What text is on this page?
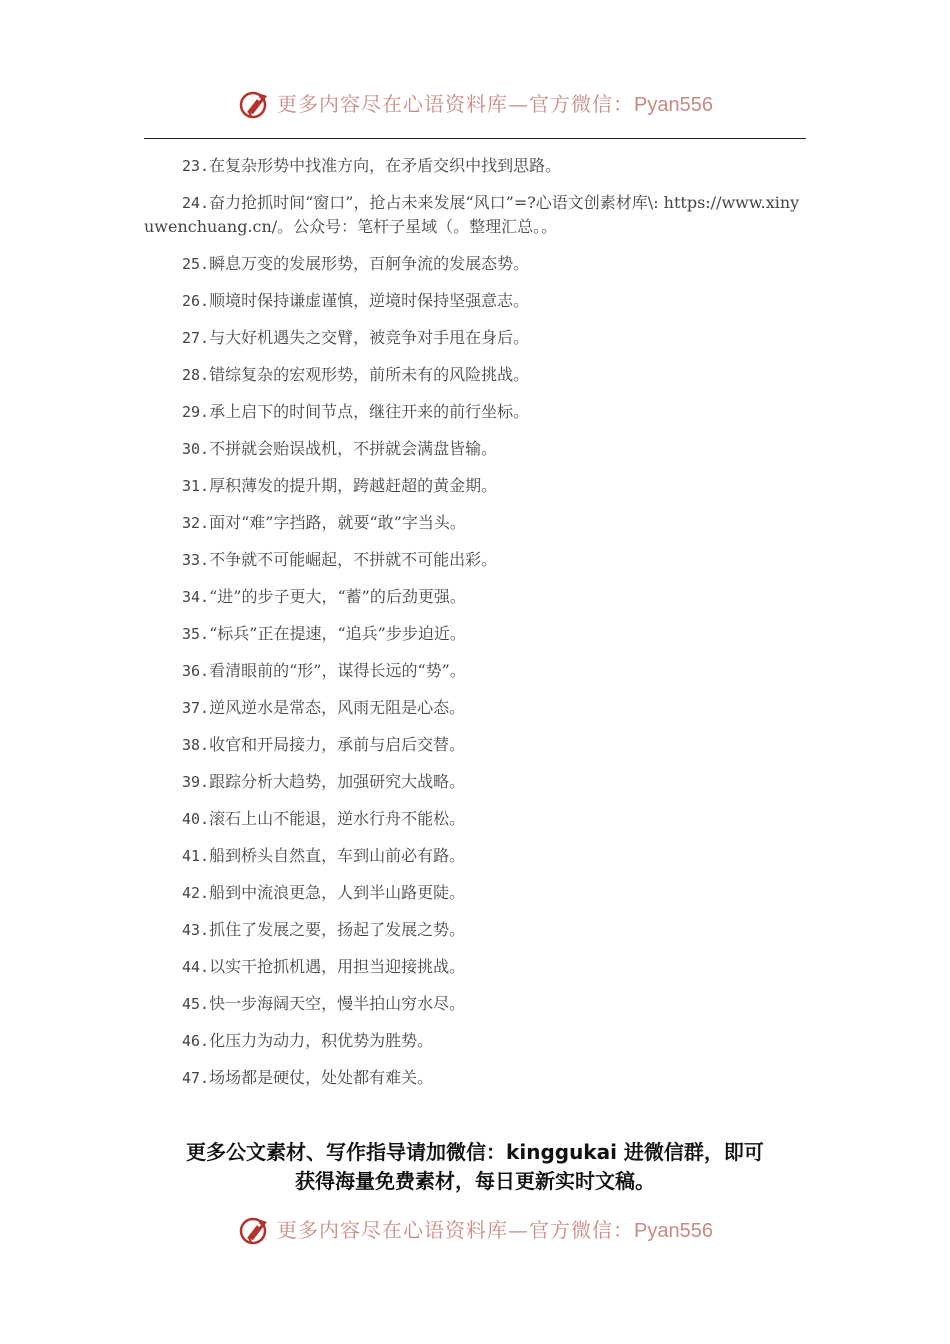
更多内容尽在心语资料库—官方微信：Pyan556

23.在复杂形势中找准方向，在矛盾交织中找到思路。

24.奋力抢抓时间“窗口”，抢占未来发展“风口”=?心语文创素材库\: https://www.xinyuwenchuang.cn/。公众号：笔杆子星域（。整理汇总。。

25.瞬息万变的发展形势，百舸争流的发展态势。

26.顺境时保持谦虚谨慎，逆境时保持坚强意志。

27.与大好机遇失之交臂，被竞争对手甩在身后。

28.错综复杂的宏观形势，前所未有的风险挑战。

29.承上启下的时间节点，继往开来的前行坐标。

30.不拼就会贻误战机，不拼就会满盘皆输。

31.厚积薄发的提升期，跨越赶超的黄金期。

32.面对“难”字挡路，就要“敢”字当头。

33.不争就不可能崛起，不拼就不可能出彩。

34.“进”的步子更大，“蓄”的后劲更强。

35.“标兵”正在提速，“追兵”步步迫近。

36.看清眼前的“形”，谋得长远的“势”。

37.逆风逆水是常态，风雨无阻是心态。

38.收官和开局接力，承前与启后交替。

39.跟踪分析大趋势，加强研究大战略。

40.滚石上山不能退，逆水行舟不能松。

41.船到桥头自然直，车到山前必有路。

42.船到中流浪更急，人到半山路更陡。

43.抓住了发展之要，扬起了发展之势。

44.以实干抢抓机遇，用担当迎接挑战。

45.快一步海阔天空，慢半拍山穷水尽。

46.化压力为动力，积优势为胜势。

47.场场都是硬仗，处处都有难关。

更多公文素材、写作指导请加微信：kinggukai 进微信群，即可
获得海量免费素材，每日更新实时文稿。
更多内容尽在心语资料库—官方微信：Pyan556
